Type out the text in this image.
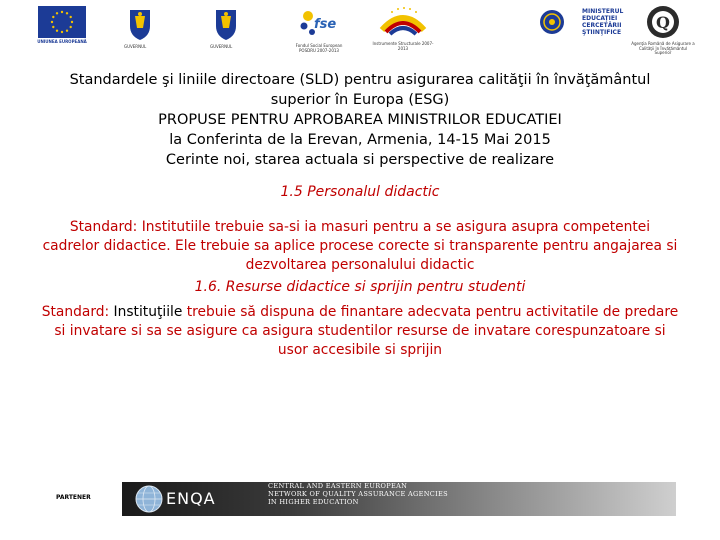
UNIUNEA EUROPEANĂ
GUVERNUL	GUVERNUL
fse
Fondul Social European POSDRU 2007-2013
Instrumente Structurale 2007-2013
MINISTERUL EDUCAŢIEI CERCETĂRII ŞTIINŢIFICE
Q
Agenţia Română de Asigurare a Calităţii în Învăţământul Superior
Standardele şi liniile directoare (SLD) pentru asigurarea calităţii în învăţământul
superior în Europa (ESG)
PROPUSE PENTRU APROBAREA MINISTRILOR EDUCATIEI
la Conferinta de la Erevan, Armenia, 14-15 Mai 2015
Cerinte noi, starea actuala si perspective de realizare
1.5 Personalul didactic
Standard: Institutiile trebuie sa-si ia masuri pentru a se asigura asupra competentei cadrelor didactice. Ele trebuie sa aplice procese corecte si transparente pentru angajarea si dezvoltarea personalului didactic
1.6. Resurse didactice si sprijin pentru studenti
Standard: Instituţiile trebuie să dispuna de finantare adecvata pentru activitatile de predare si invatare si sa se asigure ca asigura studentilor resurse de invatare corespunzatoare si usor accesibile si sprijin
PARTENER	ENQA
CENTRAL AND EASTERN EUROPEAN
NETWORK OF QUALITY ASSURANCE AGENCIES
IN HIGHER EDUCATION
